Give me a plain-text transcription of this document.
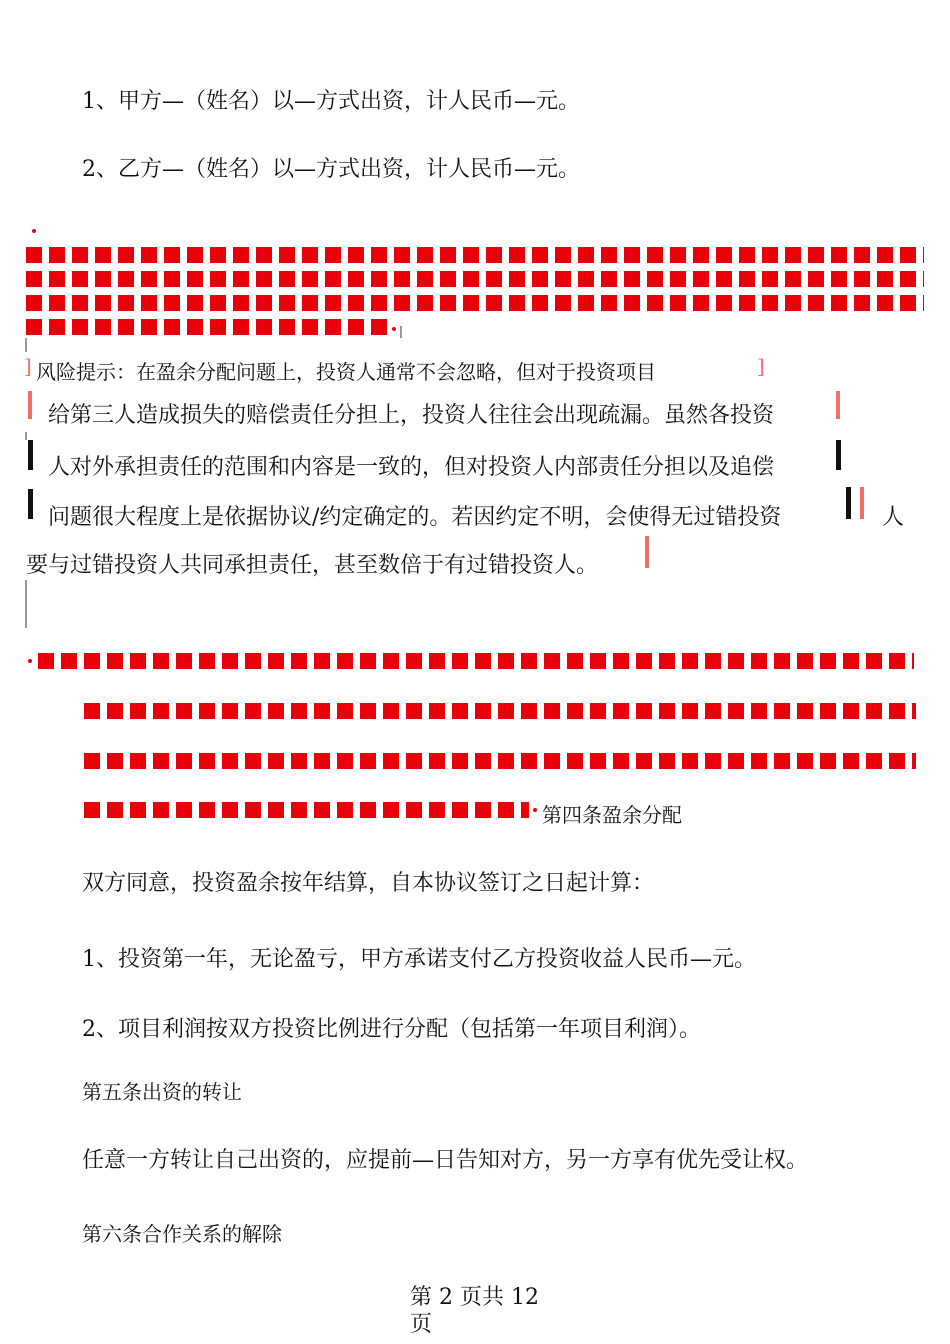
1、甲方—（姓名）以—方式出资，计人民币—元。
2、乙方—（姓名）以—方式出资，计人民币—元。
] 风险提示：在盈余分配问题上，投资人通常不会忽略，但对于投资项目	]
给第三人造成损失的赔偿责任分担上，投资人往往会出现疏漏。虽然各投资
人对外承担责任的范围和内容是一致的，但对投资人内部责任分担以及追偿
问题很大程度上是依据协议/约定确定的。若因约定不明，会使得无过错投资	人
要与过错投资人共同承担责任，甚至数倍于有过错投资人。
第四条盈余分配
双方同意，投资盈余按年结算，自本协议签订之日起计算：
1、投资第一年，无论盈亏，甲方承诺支付乙方投资收益人民币—元。
2、项目利润按双方投资比例进行分配（包括第一年项目利润）。
第五条出资的转让
任意一方转让自己出资的，应提前—日告知对方，另一方享有优先受让权。
第六条合作关系的解除
第 2 页共 12
页
